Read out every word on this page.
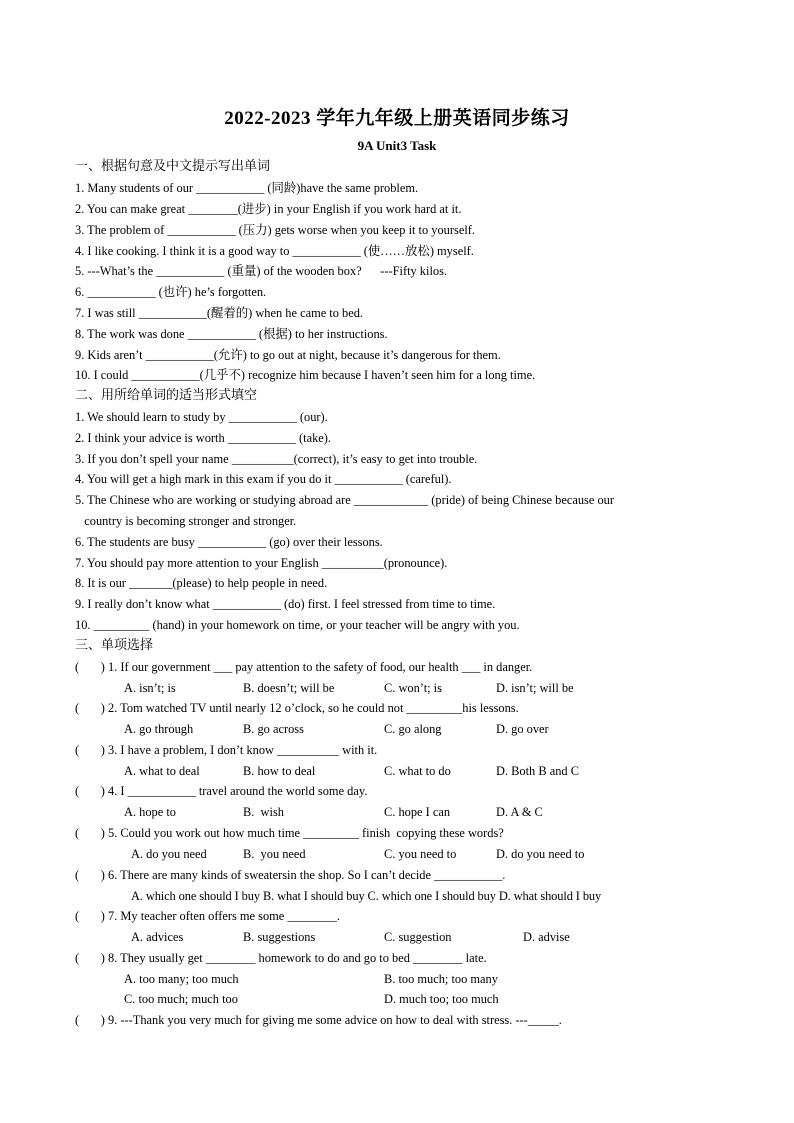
2022-2023 学年九年级上册英语同步练习
9A Unit3 Task
一、根据句意及中文提示写出单词
1. Many students of our ___________ (同龄)have the same problem.
2. You can make great ________(进步) in your English if you work hard at it.
3. The problem of ___________ (压力) gets worse when you keep it to yourself.
4. I like cooking. I think it is a good way to ___________ (使……放松) myself.
5. ---What’s the ___________ (重量) of the wooden box?      ---Fifty kilos.
6. ___________ (也许) he’s forgotten.
7. I was still ___________(醒着的) when he came to bed.
8. The work was done ___________ (根据) to her instructions.
9. Kids aren’t ___________(允许) to go out at night, because it’s dangerous for them.
10. I could ___________(几乎不) recognize him because I haven’t seen him for a long time.
二、用所给单词的适当形式填空
1. We should learn to study by ___________ (our).
2. I think your advice is worth ___________ (take).
3. If you don’t spell your name __________(correct), it’s easy to get into trouble.
4. You will get a high mark in this exam if you do it ___________ (careful).
5. The Chinese who are working or studying abroad are ____________ (pride) of being Chinese because our
country is becoming stronger and stronger.
6. The students are busy ___________ (go) over their lessons.
7. You should pay more attention to your English __________(pronounce).
8. It is our _______(please) to help people in need.
9. I really don’t know what ___________ (do) first. I feel stressed from time to time.
10. _________ (hand) in your homework on time, or your teacher will be angry with you.
三、单项选择
(       ) 1. If our government ___ pay attention to the safety of food, our health ___ in danger.
A. isn’t; is	B. doesn’t; will be	C. won’t; is	D. isn’t; will be
(       ) 2. Tom watched TV until nearly 12 o’clock, so he could not _________his lessons.
A. go through	B. go across	C. go along	D. go over
(       ) 3. I have a problem, I don’t know __________ with it.
A. what to deal	B. how to deal	C. what to do	D. Both B and C
(       ) 4. I ___________ travel around the world some day.
A. hope to	B.  wish	C. hope I can	D. A & C
(       ) 5. Could you work out how much time _________ finish  copying these words?
A. do you need	B.  you need	C. you need to	D. do you need to
(       ) 6. There are many kinds of sweatersin the shop. So I can’t decide ___________.
A. which one should I buy B. what I should buy C. which one I should buy D. what should I buy
(       ) 7. My teacher often offers me some ________.
A. advices	B. suggestions	C. suggestion	D. advise
(       ) 8. They usually get ________ homework to do and go to bed ________ late.
A. too many; too much	B. too much; too many
C. too much; much too	D. much too; too much
(       ) 9. ---Thank you very much for giving me some advice on how to deal with stress. ---_____.
